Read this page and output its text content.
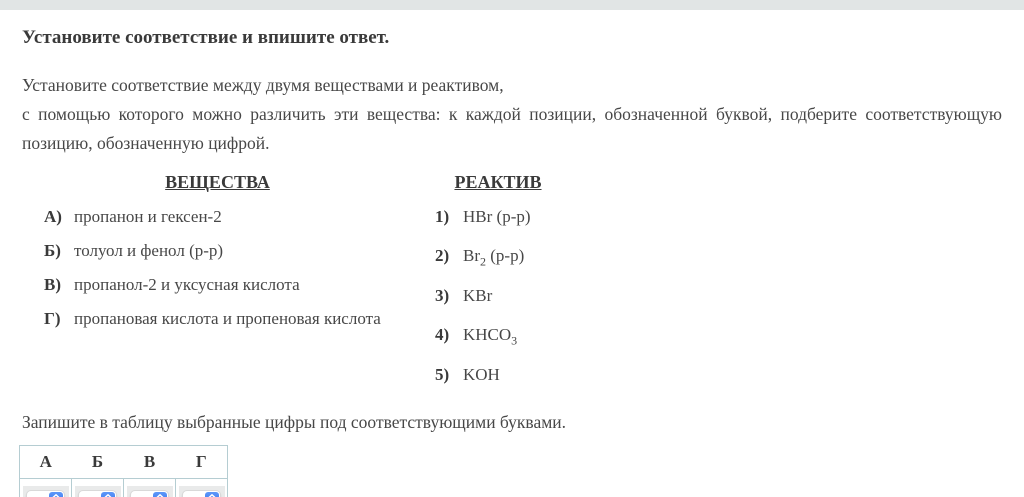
Установите соответствие и впишите ответ.
Установите соответствие между двумя веществами и реактивом,
с помощью которого можно различить эти вещества: к каждой позиции, обозначенной буквой, подберите соответствующую позицию, обозначенную цифрой.
ВЕЩЕСТВА
А) пропанон и гексен-2
Б) толуол и фенол (р-р)
В) пропанол-2 и уксусная кислота
Г) пропановая кислота и пропеновая кислота
РЕАКТИВ
1) HBr (р-р)
2) $Br_2$ (р-р)
3) KBr
4) $KHCO_3$
5) KOH
Запишите в таблицу выбранные цифры под соответствующими буквами.
А	Б	В	Г
